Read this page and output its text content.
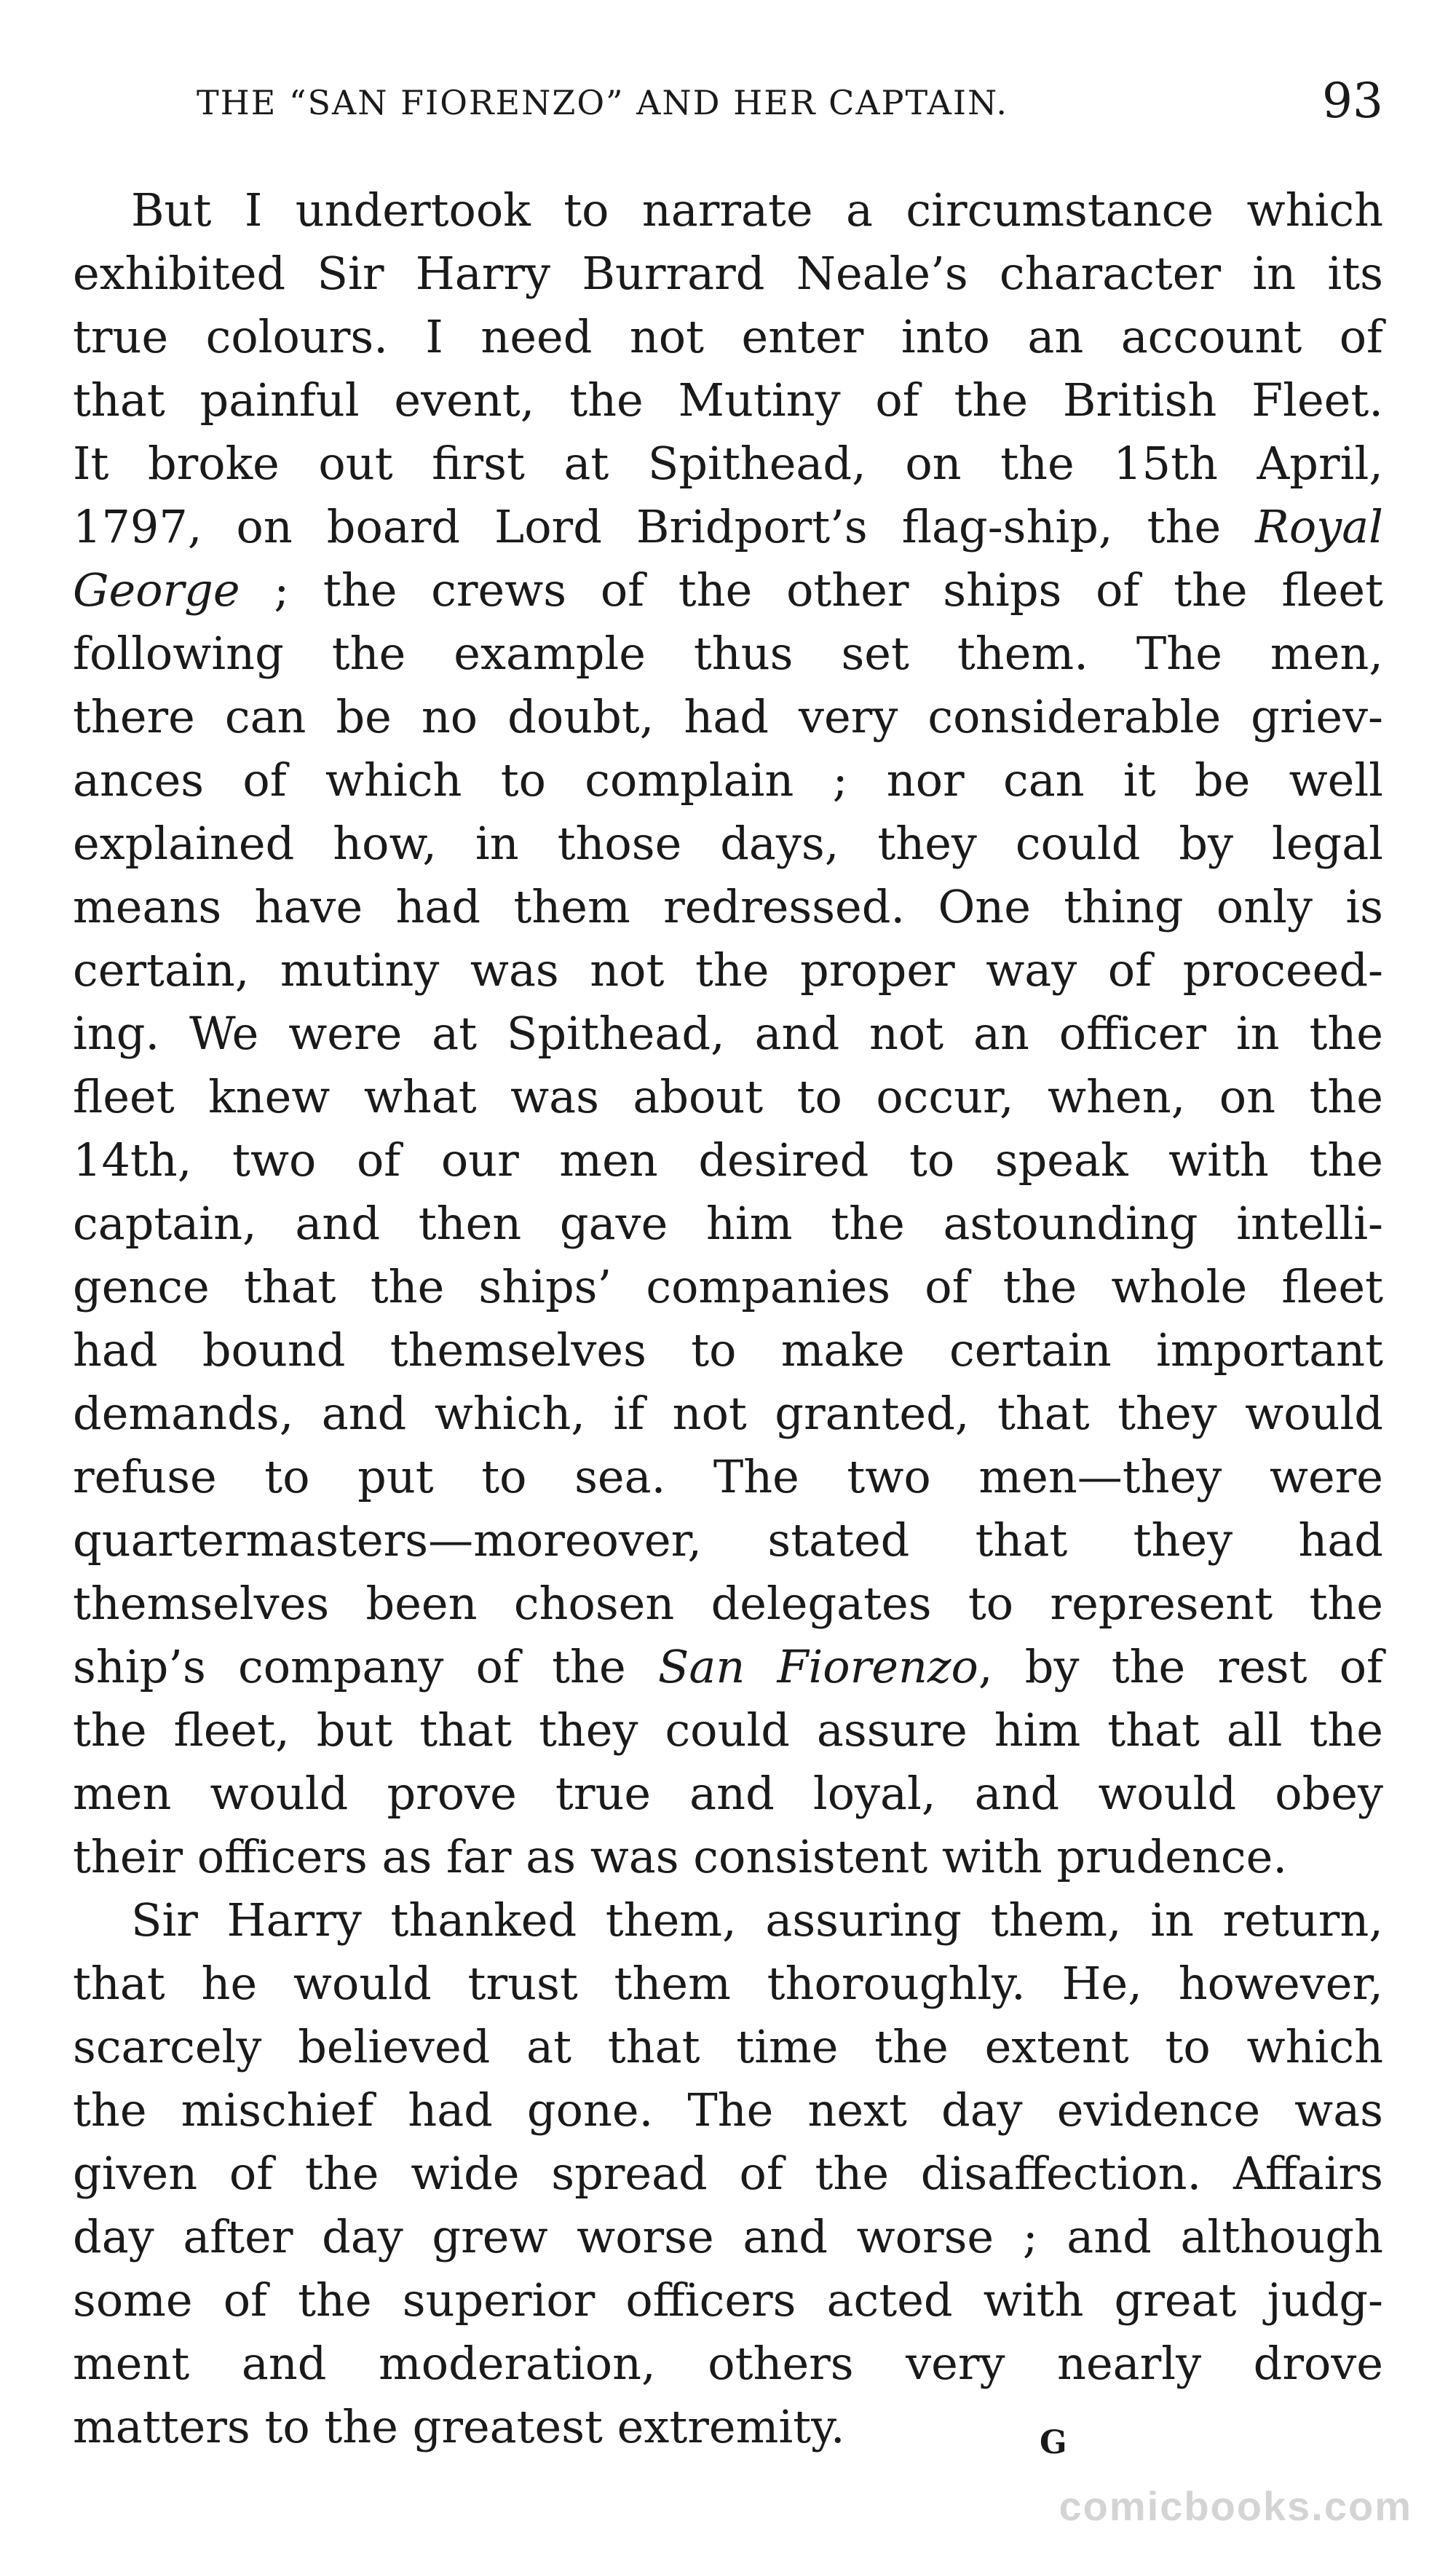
THE “SAN FIORENZO” AND HER CAPTAIN.	93
But I undertook to narrate a circumstance which
exhibited Sir Harry Burrard Neale’s character in its
true colours. I need not enter into an account of
that painful event, the Mutiny of the British Fleet.
It broke out first at Spithead, on the 15th April,
1797, on board Lord Bridport’s flag-ship, the Royal
George ; the crews of the other ships of the fleet
following the example thus set them. The men,
there can be no doubt, had very considerable griev-
ances of which to complain ; nor can it be well
explained how, in those days, they could by legal
means have had them redressed. One thing only is
certain, mutiny was not the proper way of proceed-
ing. We were at Spithead, and not an officer in the
fleet knew what was about to occur, when, on the
14th, two of our men desired to speak with the
captain, and then gave him the astounding intelli-
gence that the ships’ companies of the whole fleet
had bound themselves to make certain important
demands, and which, if not granted, that they would
refuse to put to sea. The two men—they were
quartermasters—moreover, stated that they had
themselves been chosen delegates to represent the
ship’s company of the San Fiorenzo, by the rest of
the fleet, but that they could assure him that all the
men would prove true and loyal, and would obey
their officers as far as was consistent with prudence.
Sir Harry thanked them, assuring them, in return,
that he would trust them thoroughly. He, however,
scarcely believed at that time the extent to which
the mischief had gone. The next day evidence was
given of the wide spread of the disaffection. Affairs
day after day grew worse and worse ; and although
some of the superior officers acted with great judg-
ment and moderation, others very nearly drove
matters to the greatest extremity.	G
comicbooks.com
